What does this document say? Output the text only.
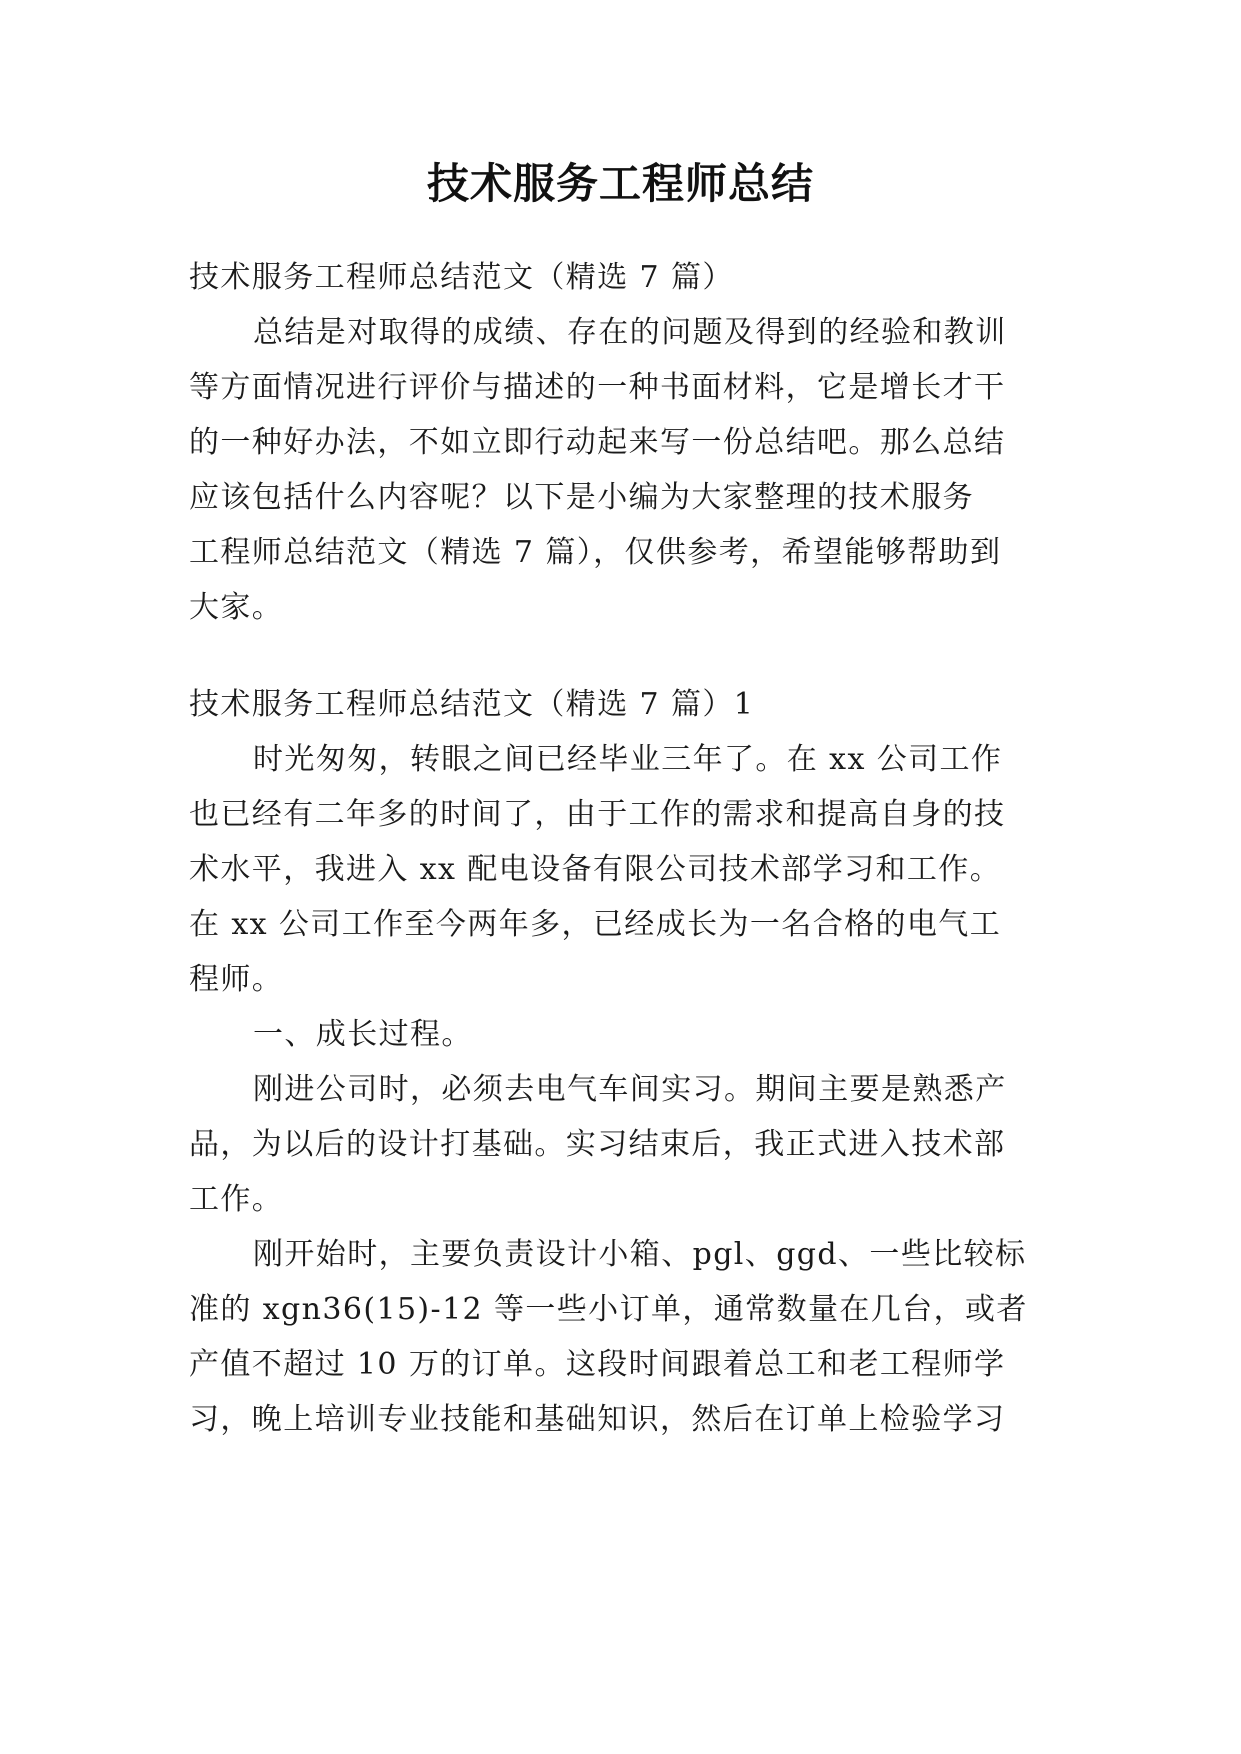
技术服务工程师总结
技术服务工程师总结范文（精选 7 篇）
总结是对取得的成绩、存在的问题及得到的经验和教训
等方面情况进行评价与描述的一种书面材料，它是增长才干
的一种好办法，不如立即行动起来写一份总结吧。那么总结
应该包括什么内容呢？以下是小编为大家整理的技术服务
工程师总结范文（精选 7 篇），仅供参考，希望能够帮助到
大家。
技术服务工程师总结范文（精选 7 篇）1
时光匆匆，转眼之间已经毕业三年了。在 xx 公司工作
也已经有二年多的时间了，由于工作的需求和提高自身的技
术水平，我进入 xx 配电设备有限公司技术部学习和工作。
在 xx 公司工作至今两年多，已经成长为一名合格的电气工
程师。
一、成长过程。
刚进公司时，必须去电气车间实习。期间主要是熟悉产
品，为以后的设计打基础。实习结束后，我正式进入技术部
工作。
刚开始时，主要负责设计小箱、pgl、ggd、一些比较标
准的 xgn36(15)-12 等一些小订单，通常数量在几台，或者
产值不超过 10 万的订单。这段时间跟着总工和老工程师学
习，晚上培训专业技能和基础知识，然后在订单上检验学习
